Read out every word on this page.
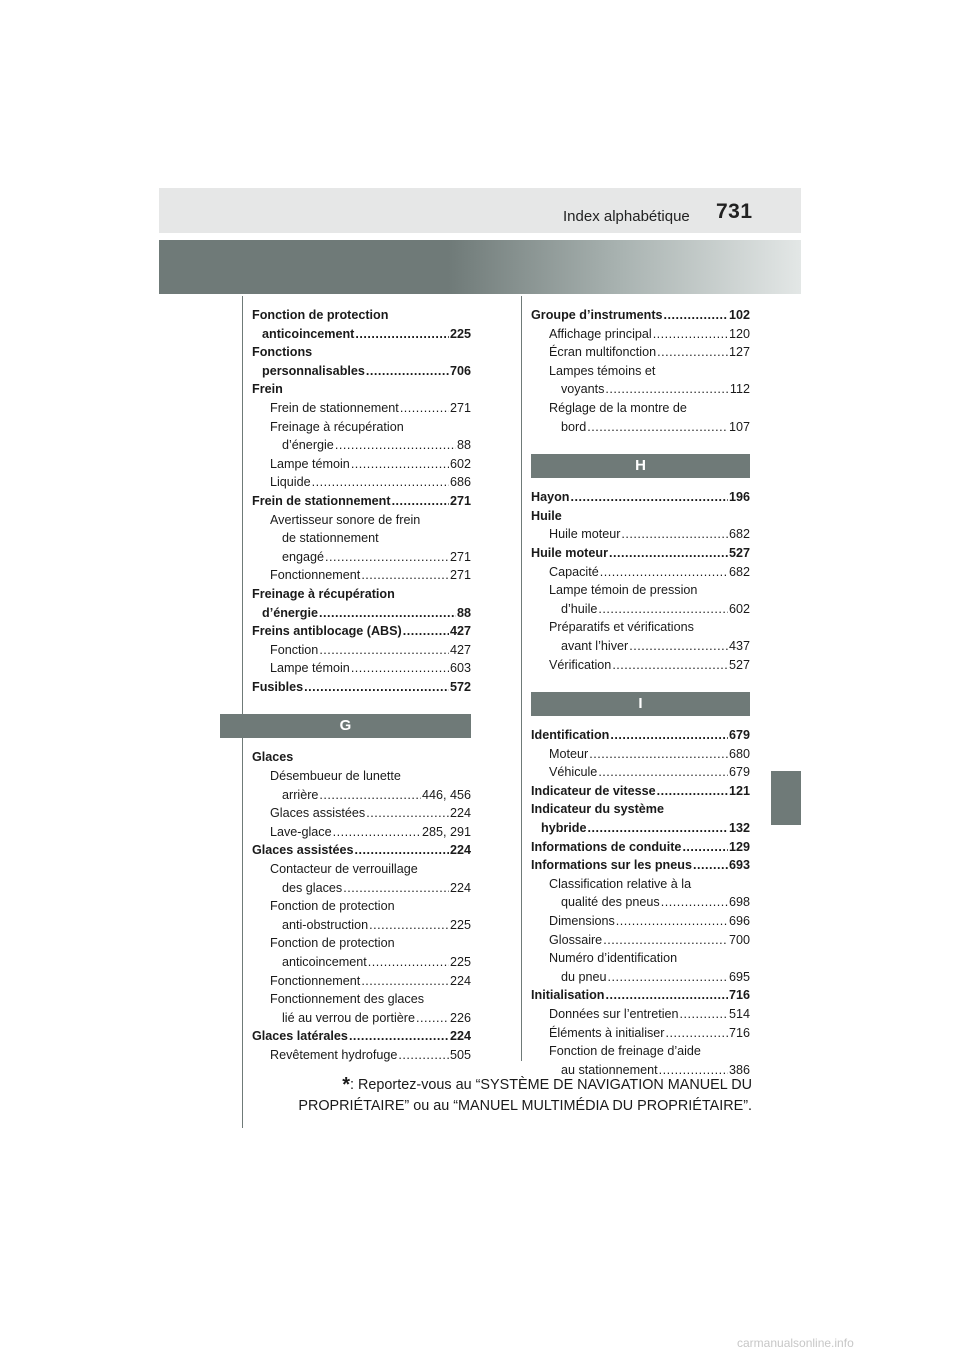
Index alphabétique 731
Fonction de protection
anticoincement .....	225
Fonctions
personnalisables .....	706
Frein
Frein de stationnement .....	271
Freinage à récupération
d’énergie .....	88
Lampe témoin .....	602
Liquide .....	686
Frein de stationnement .....	271
Avertisseur sonore de frein
de stationnement
engagé .....	271
Fonctionnement .....	271
Freinage à récupération
d’énergie .....	88
Freins antiblocage (ABS) .....	427
Fonction .....	427
Lampe témoin .....	603
Fusibles .....	572
G
Glaces
Désembueur de lunette
arrière .....	446, 456
Glaces assistées .....	224
Lave-glace .....	285, 291
Glaces assistées .....	224
Contacteur de verrouillage
des glaces .....	224
Fonction de protection
anti-obstruction .....	225
Fonction de protection
anticoincement .....	225
Fonctionnement .....	224
Fonctionnement des glaces
lié au verrou de portière .....	226
Glaces latérales .....	224
Revêtement hydrofuge .....	505
Groupe d’instruments .....	102
Affichage principal .....	120
Écran multifonction .....	127
Lampes témoins et
voyants .....	112
Réglage de la montre de
bord .....	107
H
Hayon .....	196
Huile
Huile moteur .....	682
Huile moteur .....	527
Capacité .....	682
Lampe témoin de pression
d’huile .....	602
Préparatifs et vérifications
avant l’hiver .....	437
Vérification .....	527
I
Identification .....	679
Moteur .....	680
Véhicule .....	679
Indicateur de vitesse .....	121
Indicateur du système
hybride .....	132
Informations de conduite .....	129
Informations sur les pneus .....	693
Classification relative à la
qualité des pneus .....	698
Dimensions .....	696
Glossaire .....	700
Numéro d’identification
du pneu .....	695
Initialisation .....	716
Données sur l’entretien .....	514
Éléments à initialiser .....	716
Fonction de freinage d’aide
au stationnement .....	386
*: Reportez-vous au “SYSTÈME DE NAVIGATION MANUEL DU
PROPRIÉTAIRE” ou au “MANUEL MULTIMÉDIA DU PROPRIÉTAIRE”.
carmanualsonline.info
